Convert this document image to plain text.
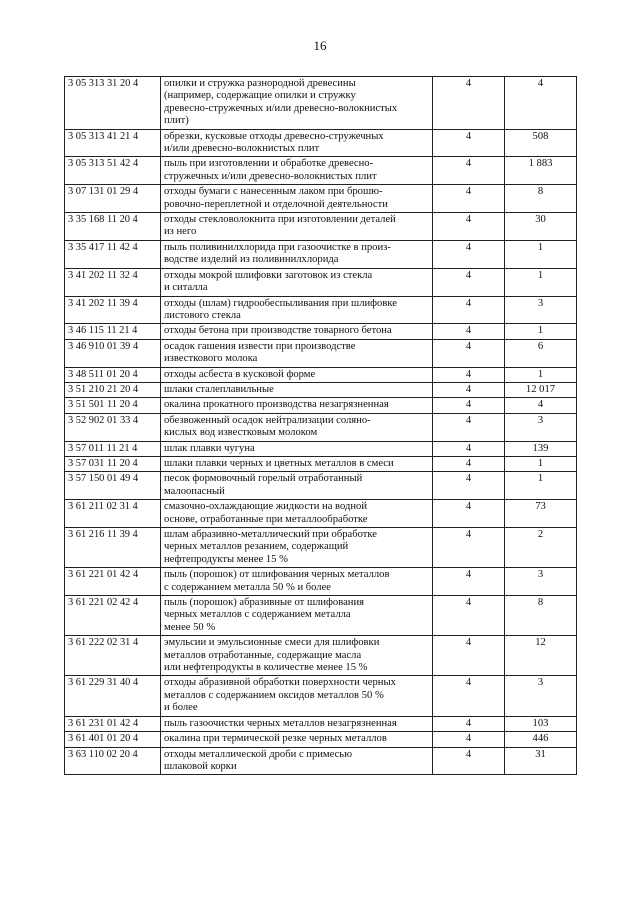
16
3 05 313 31 20 4	опилки и стружка разнородной древесины
(например, содержащие опилки и стружку
древесно-стружечных и/или древесно-волокнистых
плит)	4	4
3 05 313 41 21 4	обрезки, кусковые отходы древесно-стружечных
и/или древесно-волокнистых плит	4	508
3 05 313 51 42 4	пыль при изготовлении и обработке древесно-
стружечных и/или древесно-волокнистых плит	4	1 883
3 07 131 01 29 4	отходы бумаги с нанесенным лаком при брошю-
ровочно-переплетной и отделочной деятельности	4	8
3 35 168 11 20 4	отходы стекловолокнита при изготовлении деталей
из него	4	30
3 35 417 11 42 4	пыль поливинилхлорида при газоочистке в произ-
водстве изделий из поливинилхлорида	4	1
3 41 202 11 32 4	отходы мокрой шлифовки заготовок из стекла
и ситалла	4	1
3 41 202 11 39 4	отходы (шлам) гидрообеспыливания при шлифовке
листового стекла	4	3
3 46 115 11 21 4	отходы бетона при производстве товарного бетона	4	1
3 46 910 01 39 4	осадок гашения извести при производстве
известкового молока	4	6
3 48 511 01 20 4	отходы асбеста в кусковой форме	4	1
3 51 210 21 20 4	шлаки сталеплавильные	4	12 017
3 51 501 11 20 4	окалина прокатного производства незагрязненная	4	4
3 52 902 01 33 4	обезвоженный осадок нейтрализации солянo-
кислых вод известковым молоком	4	3
3 57 011 11 21 4	шлак плавки чугуна	4	139
3 57 031 11 20 4	шлаки плавки черных и цветных металлов в смеси	4	1
3 57 150 01 49 4	песок формовочный горелый отработанный
малоопасный	4	1
3 61 211 02 31 4	смазочно-охлаждающие жидкости на водной
основе, отработанные при металлообработке	4	73
3 61 216 11 39 4	шлам абразивно-металлический при обработке
черных металлов резанием, содержащий
нефтепродукты менее 15 %	4	2
3 61 221 01 42 4	пыль (порошок) от шлифования черных металлов
с содержанием металла 50 % и более	4	3
3 61 221 02 42 4	пыль (порошок) абразивные от шлифования
черных металлов с содержанием металла
менее 50 %	4	8
3 61 222 02 31 4	эмульсии и эмульсионные смеси для шлифовки
металлов отработанные, содержащие масла
или нефтепродукты в количестве менее 15 %	4	12
3 61 229 31 40 4	отходы абразивной обработки поверхности черных
металлов с содержанием оксидов металлов 50 %
и более	4	3
3 61 231 01 42 4	пыль газоочистки черных металлов незагрязненная	4	103
3 61 401 01 20 4	окалина при термической резке черных металлов	4	446
3 63 110 02 20 4	отходы металлической дроби с примесью
шлаковой корки	4	31
